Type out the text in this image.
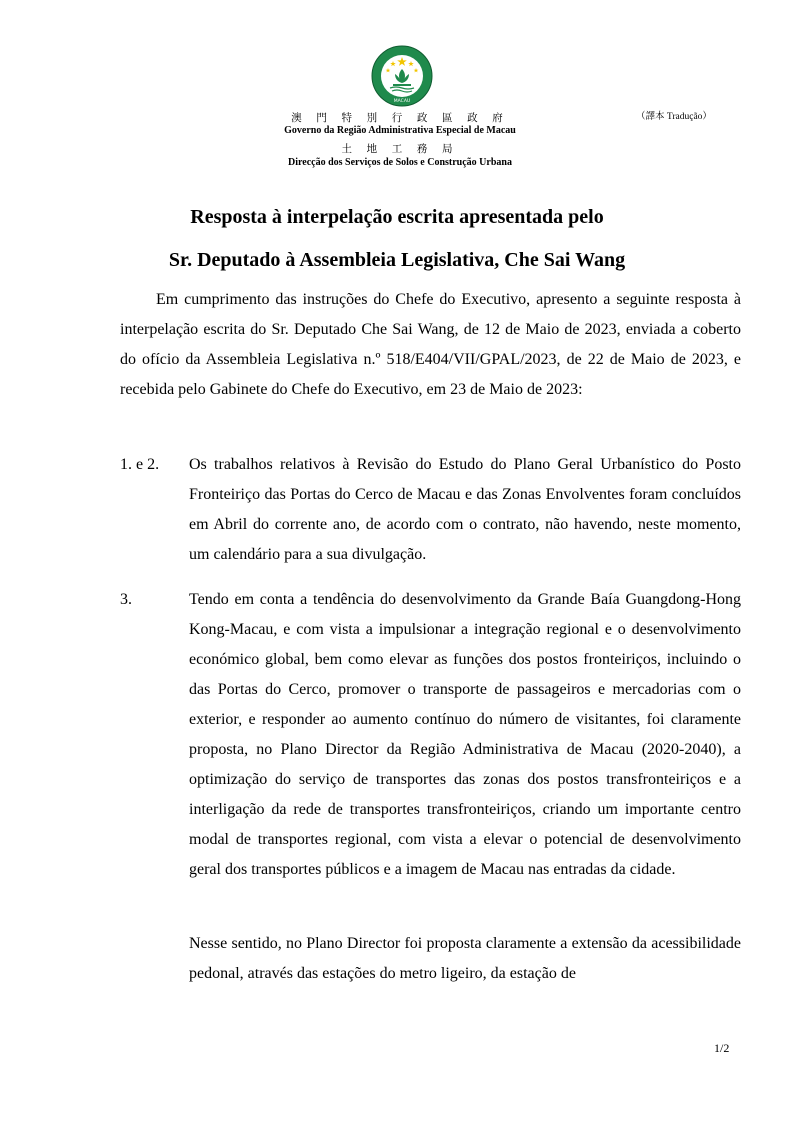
MACAU
澳 門 特 別 行 政 區 政 府
Governo da Região Administrativa Especial de Macau
土 地 工 務 局
Direcção dos Serviços de Solos e Construção Urbana
（譯本 Tradução）
Resposta à interpelação escrita apresentada pelo
Sr. Deputado à Assembleia Legislativa, Che Sai Wang

Em cumprimento das instruções do Chefe do Executivo, apresento a seguinte resposta à interpelação escrita do Sr. Deputado Che Sai Wang, de 12 de Maio de 2023, enviada a coberto do ofício da Assembleia Legislativa n.º 518/E404/VII/GPAL/2023, de 22 de Maio de 2023, e recebida pelo Gabinete do Chefe do Executivo, em 23 de Maio de 2023:

1. e 2. Os trabalhos relativos à Revisão do Estudo do Plano Geral Urbanístico do Posto Fronteiriço das Portas do Cerco de Macau e das Zonas Envolventes foram concluídos em Abril do corrente ano, de acordo com o contrato, não havendo, neste momento, um calendário para a sua divulgação.
3.	Tendo em conta a tendência do desenvolvimento da Grande Baía Guangdong-Hong Kong-Macau, e com vista a impulsionar a integração regional e o desenvolvimento económico global, bem como elevar as funções dos postos fronteiriços, incluindo o das Portas do Cerco, promover o transporte de passageiros e mercadorias com o exterior, e responder ao aumento contínuo do número de visitantes, foi claramente proposta, no Plano Director da Região Administrativa de Macau (2020-2040), a optimização do serviço de transportes das zonas dos postos transfronteiriços e a interligação da rede de transportes transfronteiriços, criando um importante centro modal de transportes regional, com vista a elevar o potencial de desenvolvimento geral dos transportes públicos e a imagem de Macau nas entradas da cidade.
Nesse sentido, no Plano Director foi proposta claramente a extensão da acessibilidade pedonal, através das estações do metro ligeiro, da estação de
1/2
